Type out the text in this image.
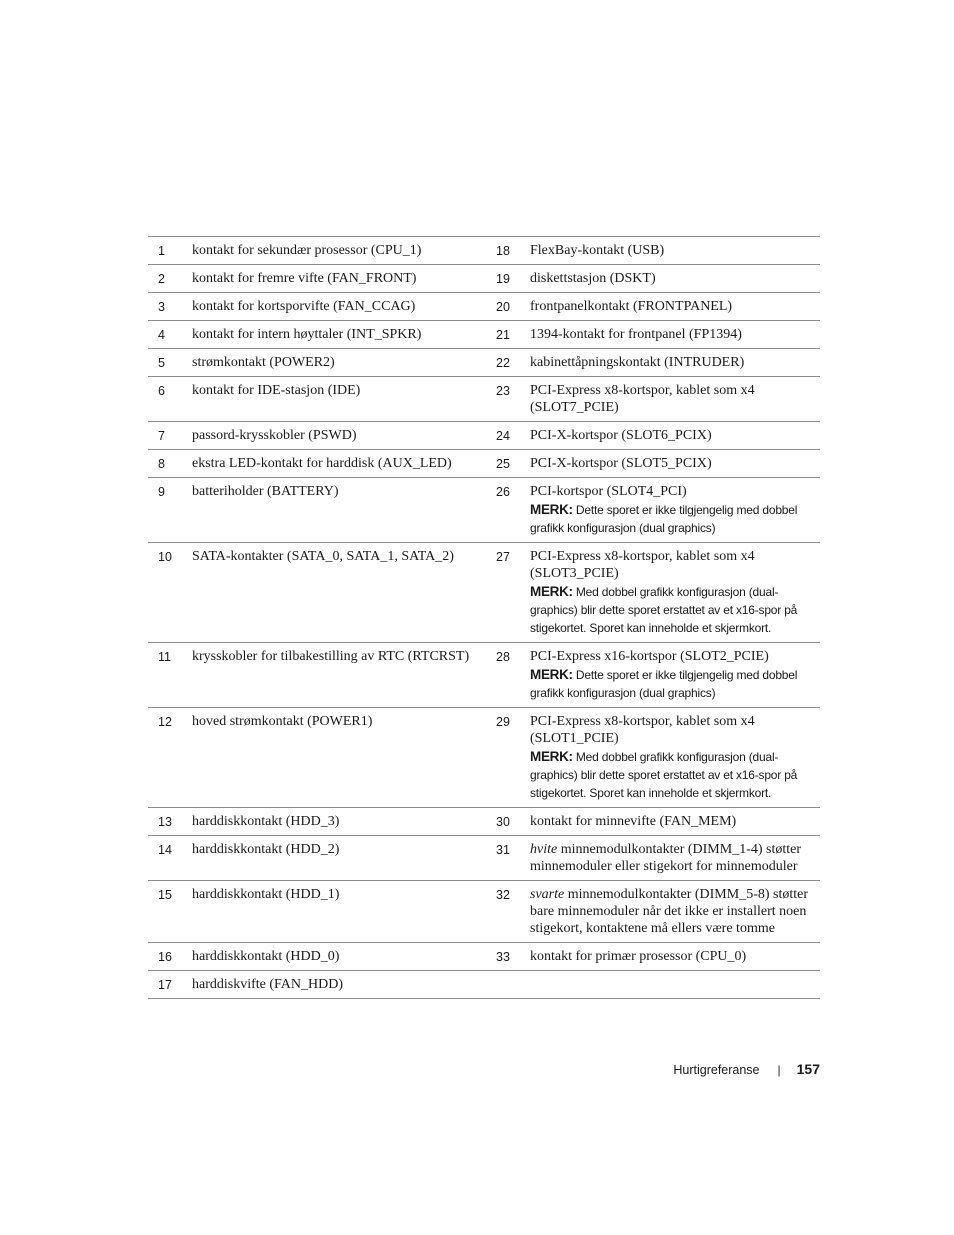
1	kontakt for sekundær prosessor (CPU_1)	18	FlexBay-kontakt (USB)
2	kontakt for fremre vifte (FAN_FRONT)	19	diskettstasjon (DSKT)
3	kontakt for kortsporvifte (FAN_CCAG)	20	frontpanelkontakt (FRONTPANEL)
4	kontakt for intern høyttaler (INT_SPKR)	21	1394-kontakt for frontpanel (FP1394)
5	strømkontakt (POWER2)	22	kabinettåpningskontakt (INTRUDER)
6	kontakt for IDE-stasjon (IDE)	23	PCI-Express x8-kortspor, kablet som x4 (SLOT7_PCIE)
7	passord-krysskobler (PSWD)	24	PCI-X-kortspor (SLOT6_PCIX)
8	ekstra LED-kontakt for harddisk (AUX_LED)	25	PCI-X-kortspor (SLOT5_PCIX)
9	batteriholder (BATTERY)	26	PCI-kortspor (SLOT4_PCI)
MERK: Dette sporet er ikke tilgjengelig med dobbel grafikk konfigurasjon (dual graphics)

10	SATA-kontakter (SATA_0, SATA_1, SATA_2)	27	PCI-Express x8-kortspor, kablet som x4 (SLOT3_PCIE)
MERK: Med dobbel grafikk konfigurasjon (dual-graphics) blir dette sporet erstattet av et x16-spor på stigekortet. Sporet kan inneholde et skjermkort.

11	krysskobler for tilbakestilling av RTC (RTCRST)	28	PCI-Express x16-kortspor (SLOT2_PCIE)
MERK: Dette sporet er ikke tilgjengelig med dobbel grafikk konfigurasjon (dual graphics)

12	hoved strømkontakt (POWER1)	29	PCI-Express x8-kortspor, kablet som x4 (SLOT1_PCIE)
MERK: Med dobbel grafikk konfigurasjon (dual-graphics) blir dette sporet erstattet av et x16-spor på stigekortet. Sporet kan inneholde et skjermkort.

13	harddiskkontakt (HDD_3)	30	kontakt for minnevifte (FAN_MEM)
14	harddiskkontakt (HDD_2)	31	hvite minnemodulkontakter (DIMM_1-4) støtter minnemoduler eller stigekort for minnemoduler
15	harddiskkontakt (HDD_1)	32	svarte minnemodulkontakter (DIMM_5-8) støtter bare minnemoduler når det ikke er installert noen stigekort, kontaktene må ellers være tomme
16	harddiskkontakt (HDD_0)	33	kontakt for primær prosessor (CPU_0)
17	harddiskvifte (FAN_HDD)		
Hurtigreferanse | 157
